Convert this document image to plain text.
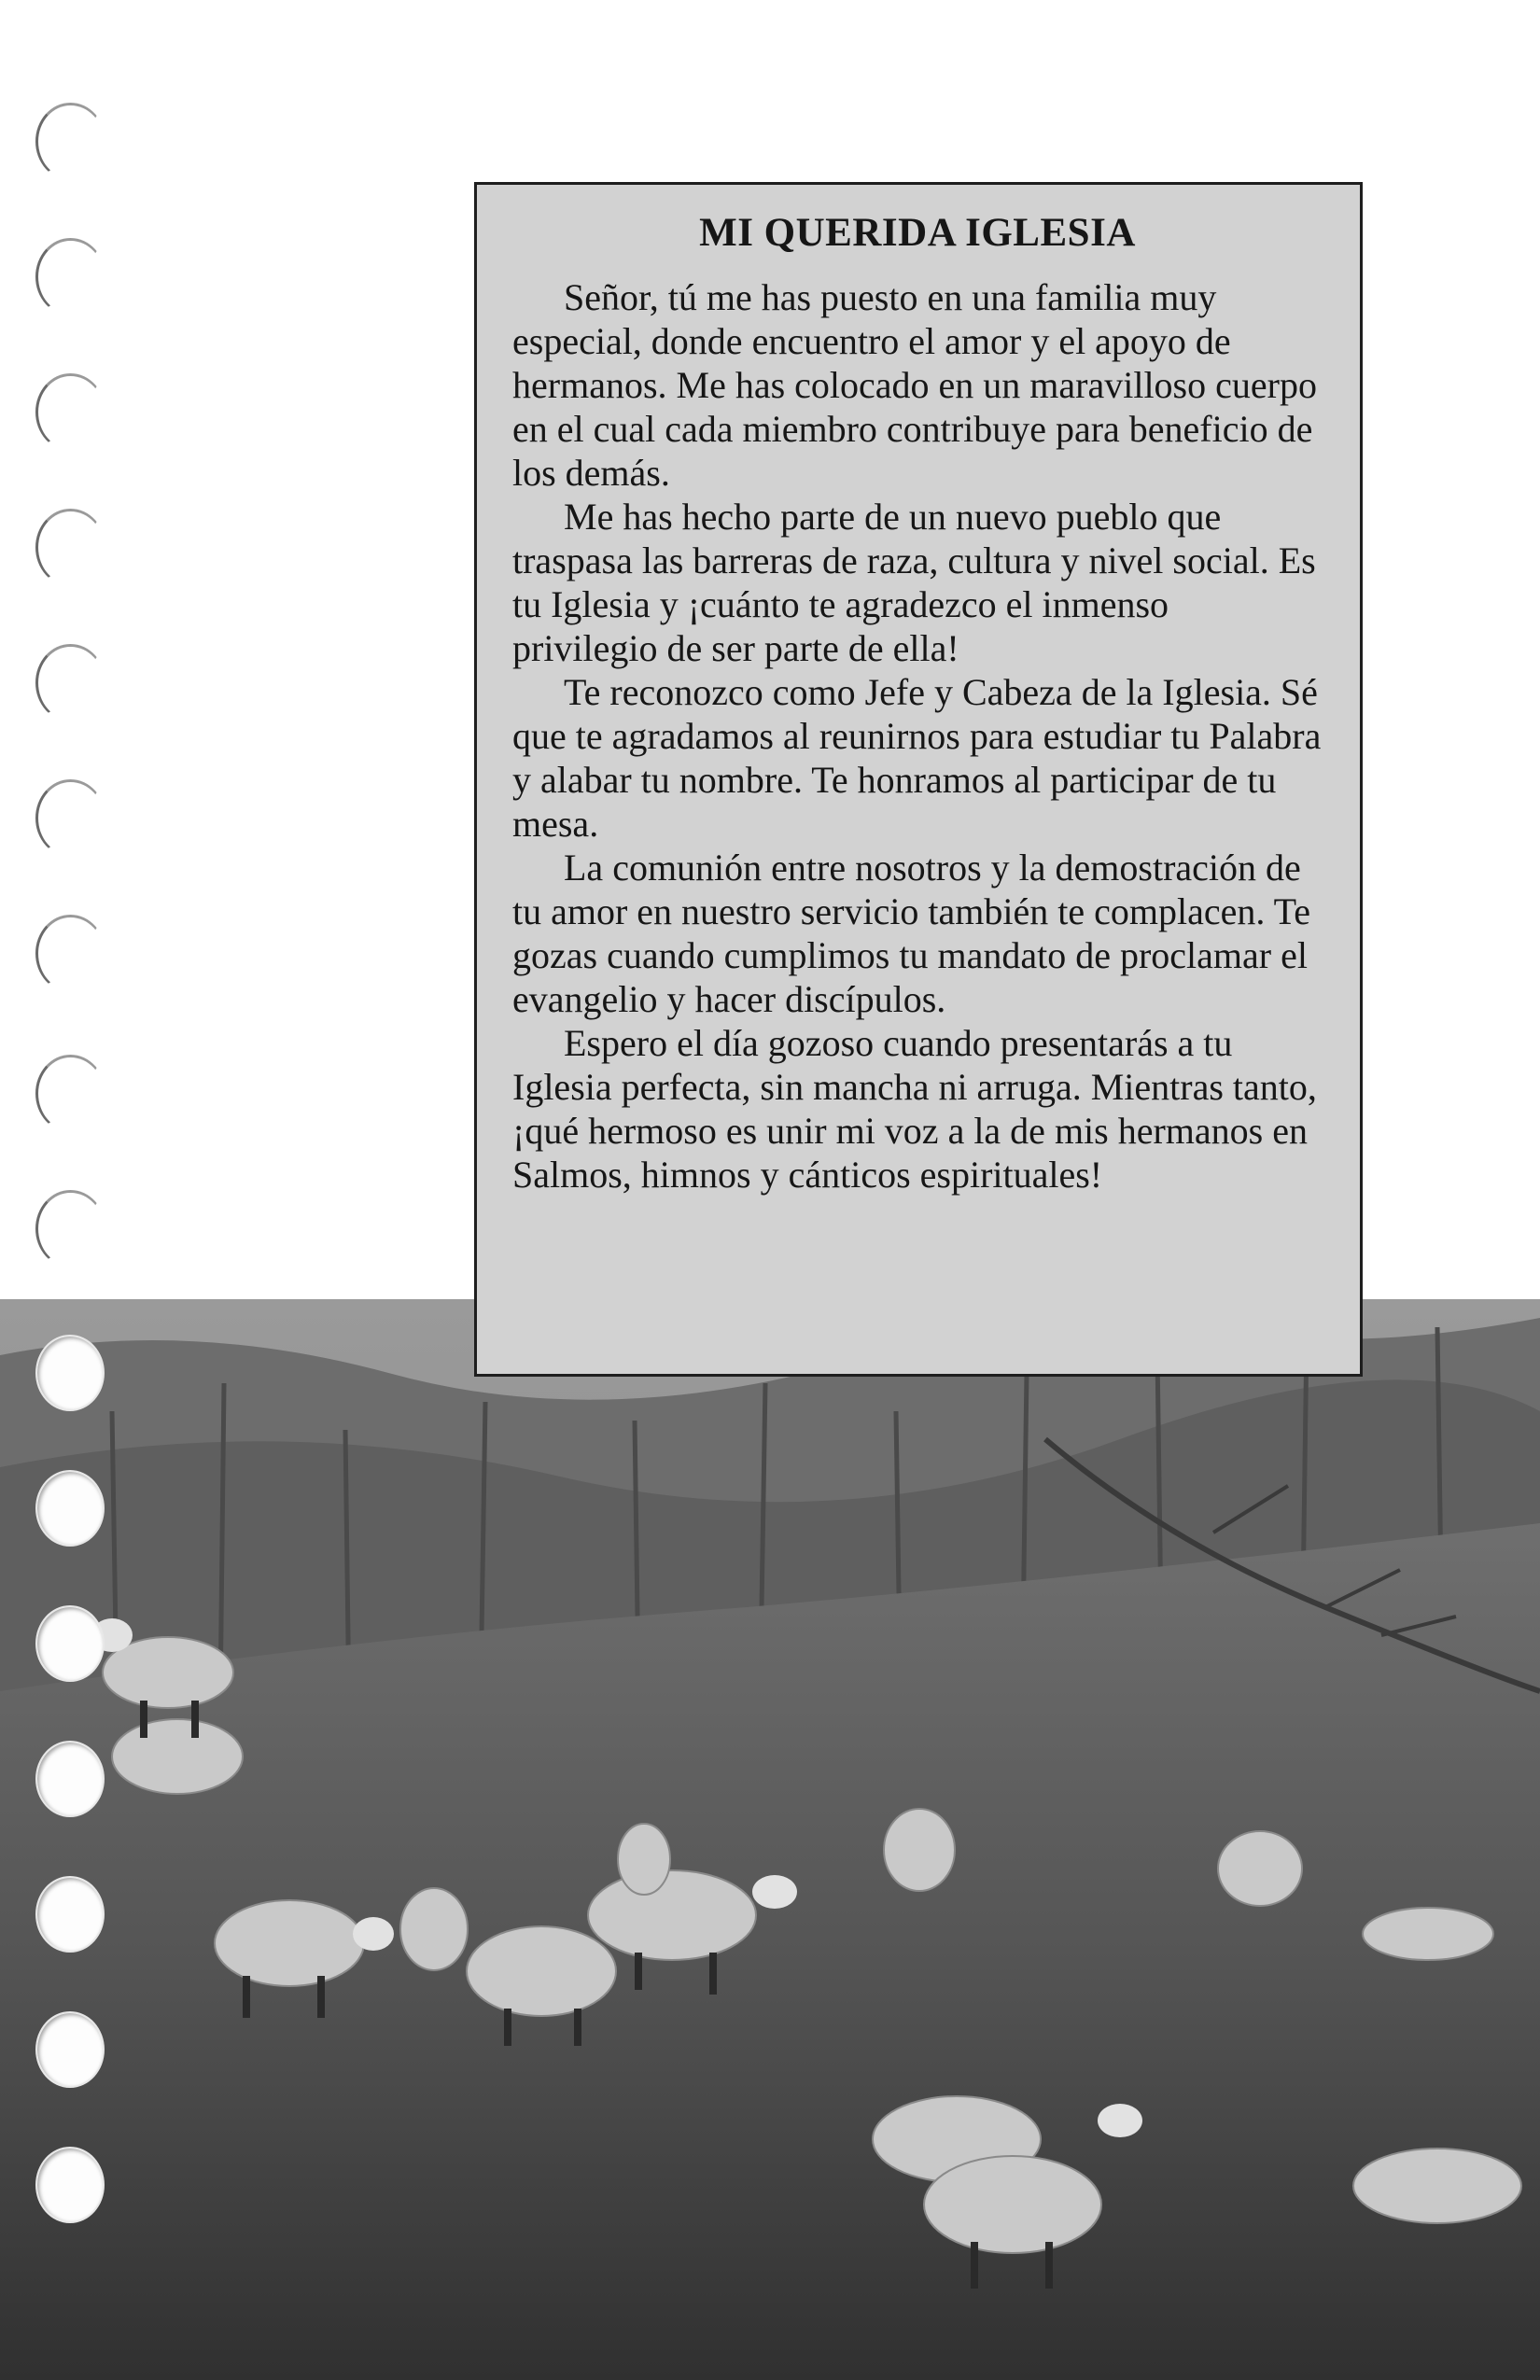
MI QUERIDA IGLESIA

Señor, tú me has puesto en una familia muy especial, donde encuentro el amor y el apoyo de hermanos. Me has colocado en un maravilloso cuerpo en el cual cada miembro contribuye para beneficio de los demás.

Me has hecho parte de un nuevo pueblo que traspasa las barreras de raza, cultura y nivel social. Es tu Iglesia y ¡cuánto te agradezco el inmenso privilegio de ser parte de ella!

Te reconozco como Jefe y Cabeza de la Iglesia. Sé que te agradamos al reunirnos para estudiar tu Palabra y alabar tu nombre. Te honramos al participar de tu mesa.

La comunión entre nosotros y la demostración de tu amor en nuestro servicio también te complacen. Te gozas cuando cumplimos tu mandato de proclamar el evangelio y hacer discípulos.

Espero el día gozoso cuando presentarás a tu Iglesia perfecta, sin mancha ni arruga. Mientras tanto, ¡qué hermoso es unir mi voz a la de mis hermanos en Salmos, himnos y cánticos espirituales!
